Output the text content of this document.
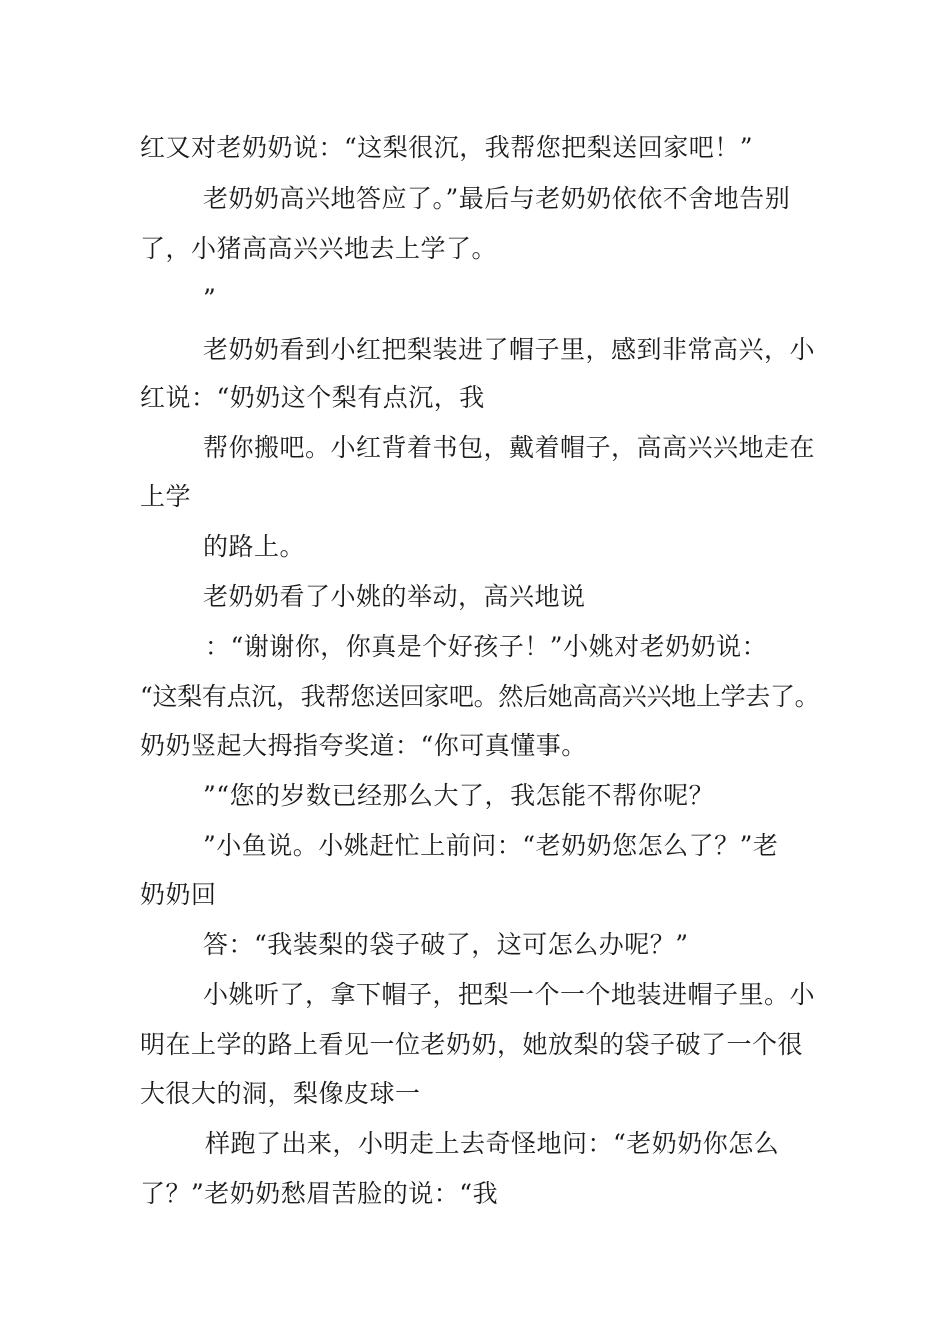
红又对老奶奶说：“这梨很沉，我帮您把梨送回家吧！”
老奶奶高兴地答应了。”最后与老奶奶依依不舍地告别
了，小猪高高兴兴地去上学了。
”
老奶奶看到小红把梨装进了帽子里，感到非常高兴，小
红说：“奶奶这个梨有点沉，我
帮你搬吧。小红背着书包，戴着帽子，高高兴兴地走在
上学
的路上。
老奶奶看了小姚的举动，高兴地说
：“谢谢你，你真是个好孩子！”小姚对老奶奶说：
“这梨有点沉，我帮您送回家吧。然后她高高兴兴地上学去了。
奶奶竖起大拇指夸奖道：“你可真懂事。
”“您的岁数已经那么大了，我怎能不帮你呢？
”小鱼说。小姚赶忙上前问：“老奶奶您怎么了？”老
奶奶回
答：“我装梨的袋子破了，这可怎么办呢？”
小姚听了，拿下帽子，把梨一个一个地装进帽子里。小
明在上学的路上看见一位老奶奶，她放梨的袋子破了一个很
大很大的洞，梨像皮球一
样跑了出来，小明走上去奇怪地问：“老奶奶你怎么
了？”老奶奶愁眉苦脸的说：“我
